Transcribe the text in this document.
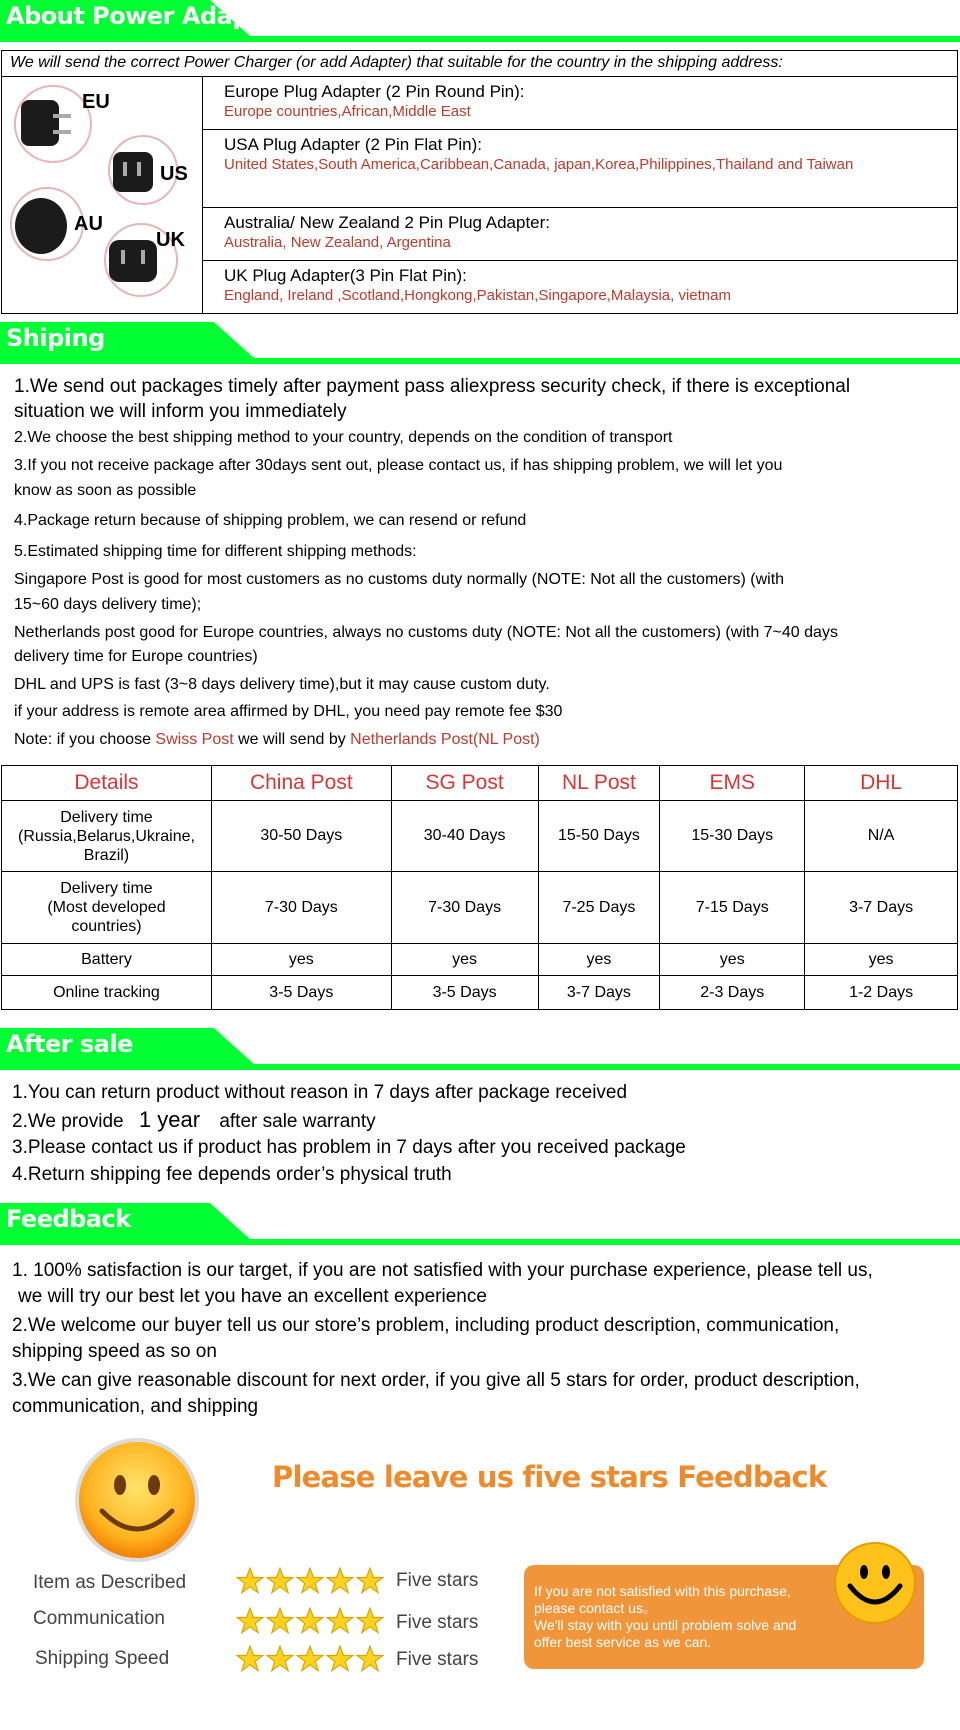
About Power Adapter
We will send the correct Power Charger (or add Adapter) that suitable for the country in the shipping address:
EU
US
AU
UK

Europe Plug Adapter (2 Pin Round Pin):
Europe countries,African,Middle East

USA Plug Adapter (2 Pin Flat Pin):
United States,South America,Caribbean,Canada, japan,Korea,Philippines,Thailand and Taiwan

Australia/ New Zealand 2 Pin Plug Adapter:
Australia, New Zealand, Argentina

UK Plug Adapter(3 Pin Flat Pin):
England, Ireland ,Scotland,Hongkong,Pakistan,Singapore,Malaysia, vietnam
Shiping
1.We send out packages timely after payment pass aliexpress security check, if there is exceptional
situation we will inform you immediately
2.We choose the best shipping method to your country, depends on the condition of transport
3.If you not receive package after 30days sent out, please contact us, if has shipping problem, we will let you
know as soon as possible
4.Package return because of shipping problem, we can resend or refund
5.Estimated shipping time for different shipping methods:
Singapore Post is good for most customers as no customs duty normally (NOTE: Not all the customers) (with
15~60 days delivery time);
Netherlands post good for Europe countries, always no customs duty (NOTE: Not all the customers) (with 7~40 days
delivery time for Europe countries)
DHL and UPS is fast (3~8 days delivery time),but it may cause custom duty.
if your address is remote area affirmed by DHL, you need pay remote fee $30
Note: if you choose Swiss Post we will send by Netherlands Post(NL Post)
Details	China Post	SG Post	NL Post	EMS	DHL
Delivery time
(Russia,Belarus,Ukraine,
Brazil)	30-50 Days	30-40 Days	15-50 Days	15-30 Days	N/A
Delivery time
(Most developed
countries)	7-30 Days	7-30 Days	7-25 Days	7-15 Days	3-7 Days
Battery	yes	yes	yes	yes	yes
Online tracking	3-5 Days	3-5 Days	3-7 Days	2-3 Days	1-2 Days
After sale
1.You can return product without reason in 7 days after package received
2.We provide 1 year after sale warranty
3.Please contact us if product has problem in 7 days after you received package
4.Return shipping fee depends order’s physical truth
Feedback
1. 100% satisfaction is our target, if you are not satisfied with your purchase experience, please tell us,
we will try our best let you have an excellent experience
2.We welcome our buyer tell us our store’s problem, including product description, communication,
shipping speed as so on
3.We can give reasonable discount for next order, if you give all 5 stars for order, product description,
communication, and shipping
Please leave us five stars Feedback
Item as Described
Communication
Shipping Speed
Five stars
Five stars
Five stars
If you are not satisfied with this purchase,
please contact us。
We'll stay with you until problem solve and
offer best service as we can.
